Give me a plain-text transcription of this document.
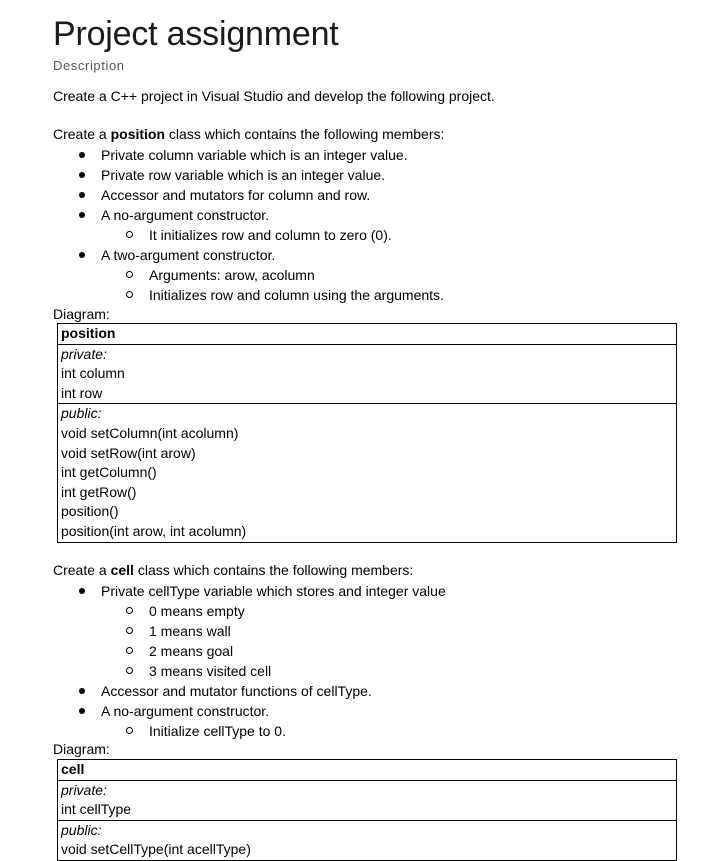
Project assignment
Description
Create a C++ project in Visual Studio and develop the following project.
Create a position class which contains the following members:
Private column variable which is an integer value.
Private row variable which is an integer value.
Accessor and mutators for column and row.
A no-argument constructor.
It initializes row and column to zero (0).
A two-argument constructor.
Arguments: arow, acolumn
Initializes row and column using the arguments.
Diagram:
position
private:
int column
int row
public:
void setColumn(int acolumn)
void setRow(int arow)
int getColumn()
int getRow()
position()
position(int arow, int acolumn)
Create a cell class which contains the following members:
Private cellType variable which stores and integer value
0 means empty
1 means wall
2 means goal
3 means visited cell
Accessor and mutator functions of cellType.
A no-argument constructor.
Initialize cellType to 0.
Diagram:
cell
private:
int cellType
public:
void setCellType(int acellType)
